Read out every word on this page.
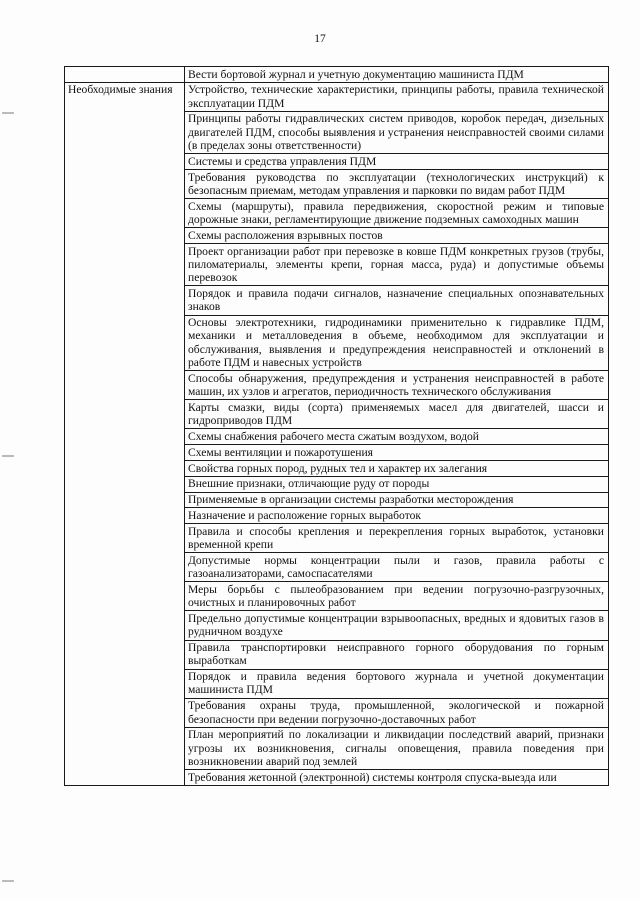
17
	Вести бортовой журнал и учетную документацию машиниста ПДМ
Необходимые знания	Устройство, технические характеристики, принципы работы, правила технической эксплуатации ПДМ
	Принципы работы гидравлических систем приводов, коробок передач, дизельных двигателей ПДМ, способы выявления и устранения неисправностей своими силами (в пределах зоны ответственности)
	Системы и средства управления ПДМ
	Требования руководства по эксплуатации (технологических инструкций) к безопасным приемам, методам управления и парковки по видам работ ПДМ
	Схемы (маршруты), правила передвижения, скоростной режим и типовые дорожные знаки, регламентирующие движение подземных самоходных машин
	Схемы расположения взрывных постов
	Проект организации работ при перевозке в ковше ПДМ конкретных грузов (трубы, пиломатериалы, элементы крепи, горная масса, руда) и допустимые объемы перевозок
	Порядок и правила подачи сигналов, назначение специальных опознавательных знаков
	Основы электротехники, гидродинамики применительно к гидравлике ПДМ, механики и металловедения в объеме, необходимом для эксплуатации и обслуживания, выявления и предупреждения неисправностей и отклонений в работе ПДМ и навесных устройств
	Способы обнаружения, предупреждения и устранения неисправностей в работе машин, их узлов и агрегатов, периодичность технического обслуживания
	Карты смазки, виды (сорта) применяемых масел для двигателей, шасси и гидроприводов ПДМ
	Схемы снабжения рабочего места сжатым воздухом, водой
	Схемы вентиляции и пожаротушения
	Свойства горных пород, рудных тел и характер их залегания
	Внешние признаки, отличающие руду от породы
	Применяемые в организации системы разработки месторождения
	Назначение и расположение горных выработок
	Правила и способы крепления и перекрепления горных выработок, установки временной крепи
	Допустимые нормы концентрации пыли и газов, правила работы с газоанализаторами, самоспасателями
	Меры борьбы с пылеобразованием при ведении погрузочно-разгрузочных, очистных и планировочных работ
	Предельно допустимые концентрации взрывоопасных, вредных и ядовитых газов в рудничном воздухе
	Правила транспортировки неисправного горного оборудования по горным выработкам
	Порядок и правила ведения бортового журнала и учетной документации машиниста ПДМ
	Требования охраны труда, промышленной, экологической и пожарной безопасности при ведении погрузочно-доставочных работ
	План мероприятий по локализации и ликвидации последствий аварий, признаки угрозы их возникновения, сигналы оповещения, правила поведения при возникновении аварий под землей
	Требования жетонной (электронной) системы контроля спуска-выезда или
